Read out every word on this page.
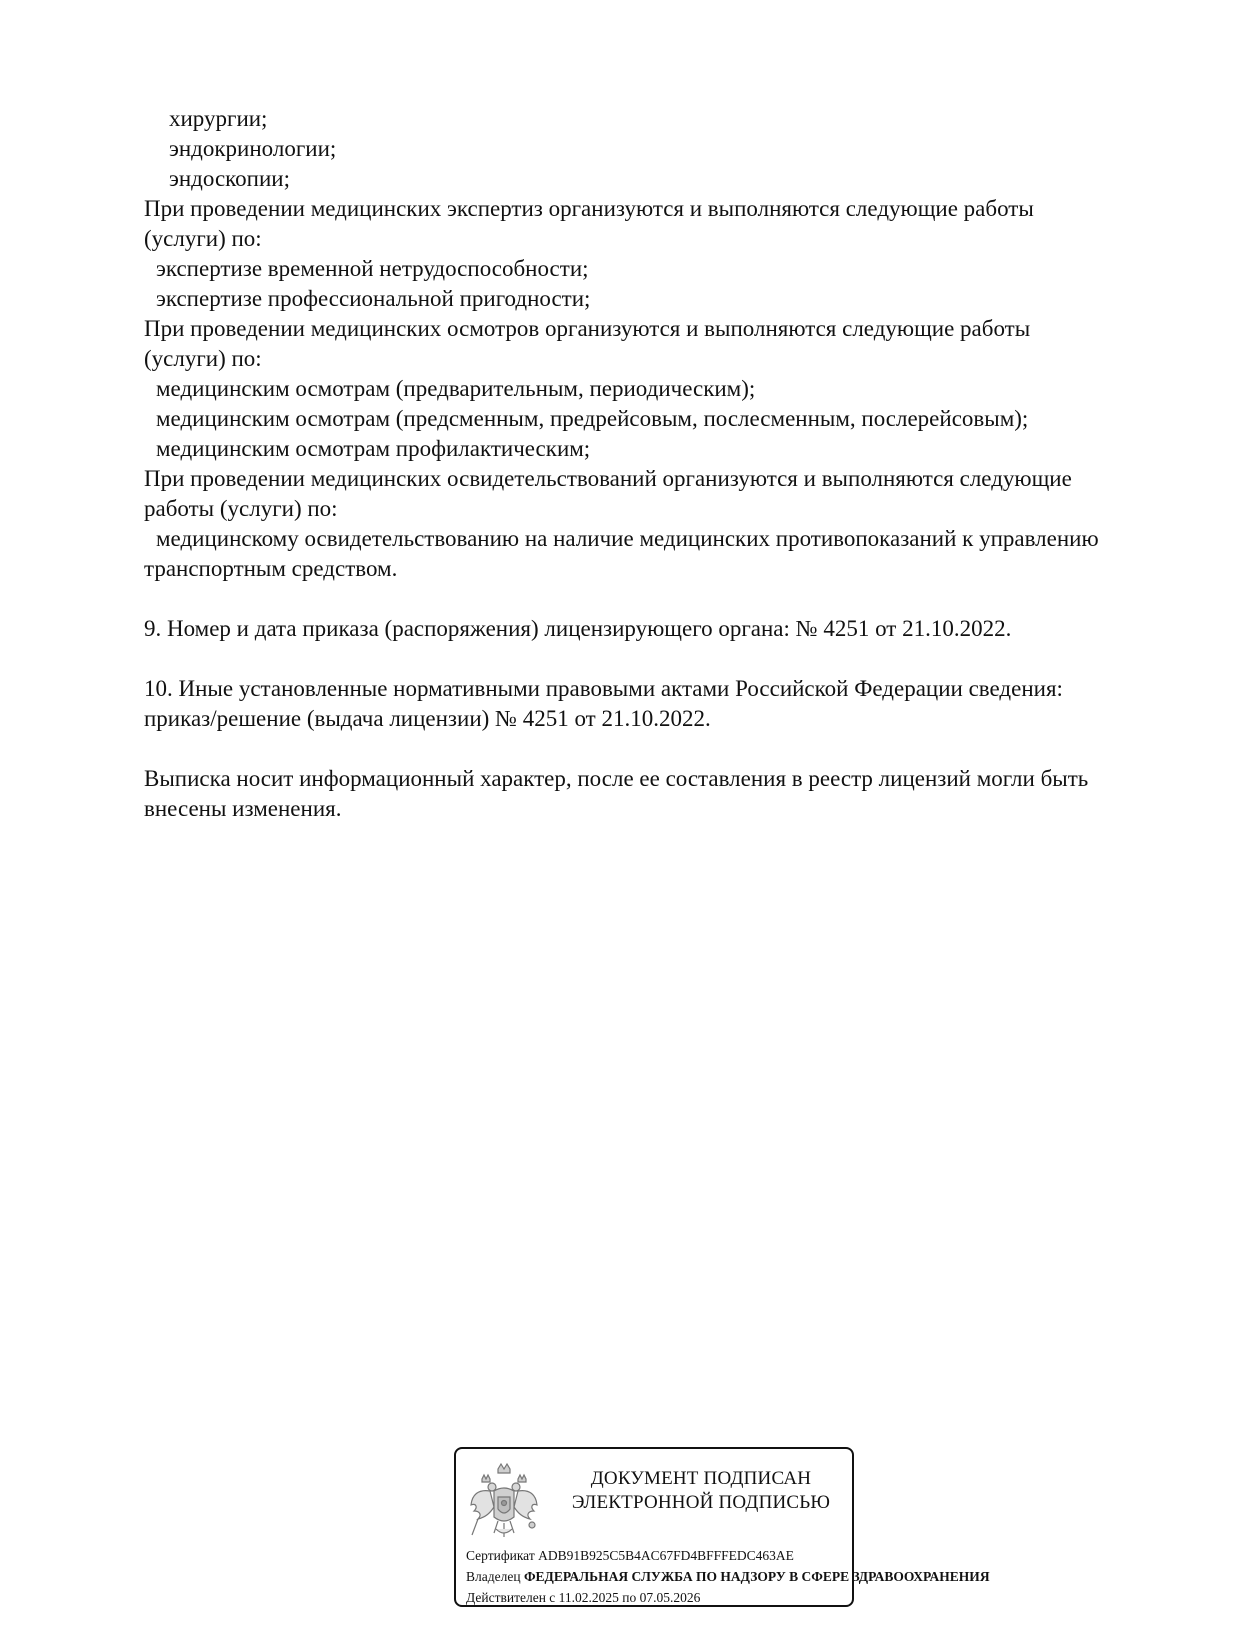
хирургии;
эндокринологии;
эндоскопии;
При проведении медицинских экспертиз организуются и выполняются следующие работы
(услуги) по:
экспертизе временной нетрудоспособности;
экспертизе профессиональной пригодности;
При проведении медицинских осмотров организуются и выполняются следующие работы
(услуги) по:
медицинским осмотрам (предварительным, периодическим);
медицинским осмотрам (предсменным, предрейсовым, послесменным, послерейсовым);
медицинским осмотрам профилактическим;
При проведении медицинских освидетельствований организуются и выполняются следующие
работы (услуги) по:
медицинскому освидетельствованию на наличие медицинских противопоказаний к управлению
транспортным средством.
9. Номер и дата приказа (распоряжения) лицензирующего органа: № 4251 от 21.10.2022.
10. Иные установленные нормативными правовыми актами Российской Федерации сведения:
приказ/решение (выдача лицензии) № 4251 от 21.10.2022.
Выписка носит информационный характер, после ее составления в реестр лицензий могли быть
внесены изменения.
ДОКУМЕНТ ПОДПИСАН
ЭЛЕКТРОННОЙ ПОДПИСЬЮ
Сертификат ADB91B925C5B4AC67FD4BFFFEDC463AE
Владелец ФЕДЕРАЛЬНАЯ СЛУЖБА ПО НАДЗОРУ В СФЕРЕ ЗДРАВООХРАНЕНИЯ
Действителен с 11.02.2025 по 07.05.2026
